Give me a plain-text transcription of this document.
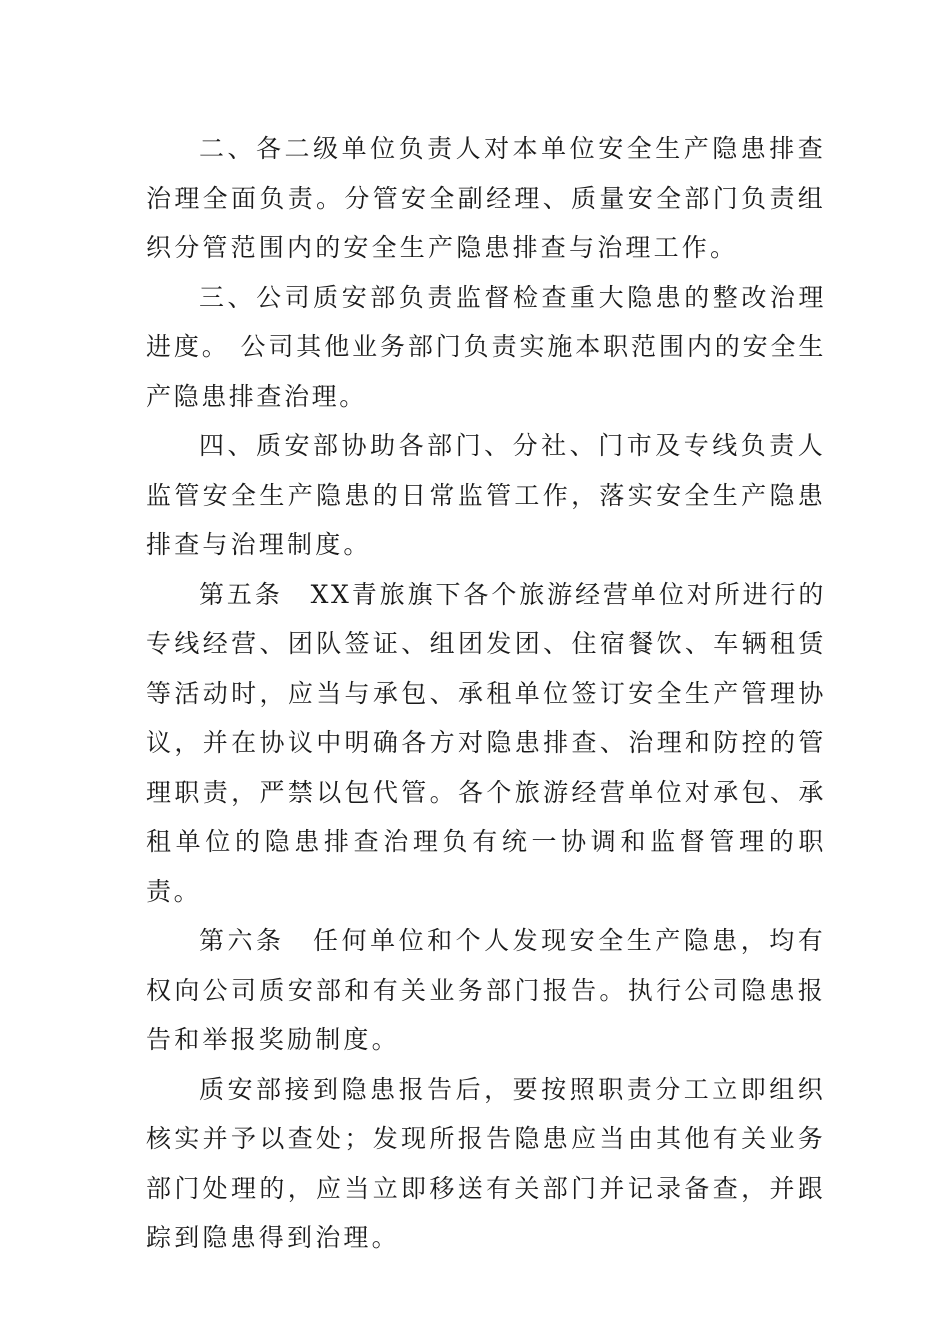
二、各二级单位负责人对本单位安全生产隐患排查治理全面负责。分管安全副经理、质量安全部门负责组织分管范围内的安全生产隐患排查与治理工作。

三、公司质安部负责监督检查重大隐患的整改治理进度。 公司其他业务部门负责实施本职范围内的安全生产隐患排查治理。

四、质安部协助各部门、分社、门市及专线负责人监管安全生产隐患的日常监管工作，落实安全生产隐患排查与治理制度。

第五条　XX青旅旗下各个旅游经营单位对所进行的专线经营、团队签证、组团发团、住宿餐饮、车辆租赁等活动时，应当与承包、承租单位签订安全生产管理协议，并在协议中明确各方对隐患排查、治理和防控的管理职责，严禁以包代管。各个旅游经营单位对承包、承租单位的隐患排查治理负有统一协调和监督管理的职责。

第六条　任何单位和个人发现安全生产隐患，均有权向公司质安部和有关业务部门报告。执行公司隐患报告和举报奖励制度。

质安部接到隐患报告后，要按照职责分工立即组织核实并予以查处；发现所报告隐患应当由其他有关业务部门处理的，应当立即移送有关部门并记录备查，并跟踪到隐患得到治理。
